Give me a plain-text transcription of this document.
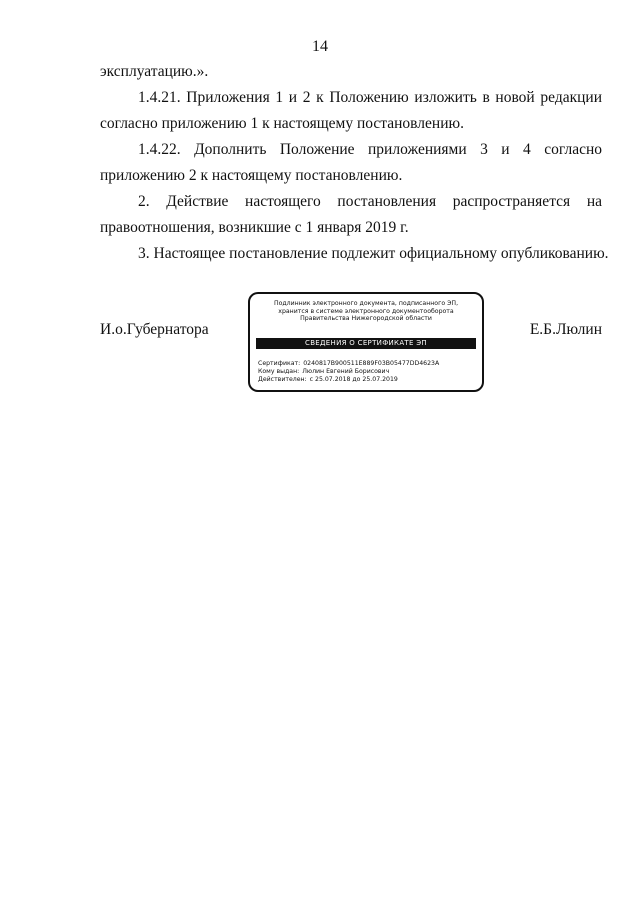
14
эксплуатацию.».
1.4.21. Приложения 1 и 2 к Положению изложить в новой редакции
согласно приложению 1 к настоящему постановлению.
1.4.22. Дополнить Положение приложениями 3 и 4 согласно
приложению 2 к настоящему постановлению.
2. Действие настоящего постановления распространяется на
правоотношения, возникшие с 1 января 2019 г.
3. Настоящее постановление подлежит официальному опубликованию.
И.о.Губернатора	Е.Б.Люлин
Подлинник электронного документа, подписанного ЭП,
хранится в системе электронного документооборота
Правительства Нижегородской области
СВЕДЕНИЯ О СЕРТИФИКАТЕ ЭП
Сертификат: 0240817B900511E889F03B05477DD4623A
Кому выдан: Люлин Евгений Борисович
Действителен: с 25.07.2018 до 25.07.2019
